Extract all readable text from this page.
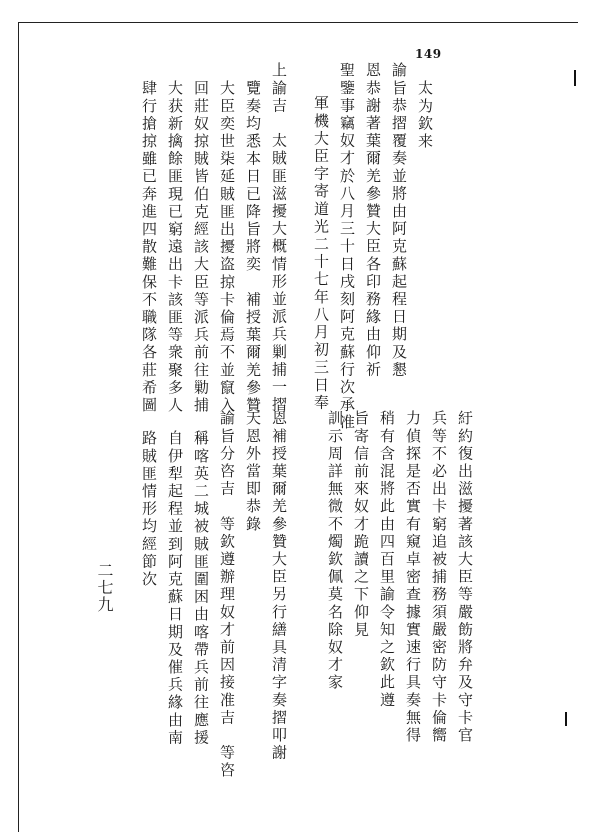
149
太为欽来
諭旨恭摺覆奏並將由阿克蘇起程日期及懇
恩恭謝著葉爾羌參贊大臣各印務緣由仰祈
聖鑒事竊奴才於八月三十日戌刻阿克蘇行次承准
軍機大臣字寄道光二十七年八月初三日奉
上諭吉　太賊匪滋擾大概情形並派兵剿捕一摺
覽奏均悉本日已降旨將奕　補授葉爾羌參贊
大臣奕世柒延賊匪出擾盗掠卡倫焉不並竄入
回莊奴掠賊皆伯克經該大臣等派兵前往勦捕
大获新擒餘匪現已窮遠出卡該匪等衆聚多人
肆行搶掠雖已奔進四散難保不職隊各莊希圖
紆約復出滋擾著該大臣等嚴飭將弁及守卡官
兵等不必出卡窮追被捕務須嚴密防守卡倫嚮
力偵探是否實有窺卓密查據實速行具奏無得
稍有含混將此由四百里諭令知之欽此遵
旨寄信前來奴才跪讀之下仰見
訓示周詳無微不燭欽佩莫名除奴才家
恩補授葉爾羌參贊大臣另行繕具清字奏摺叩謝
天恩外當即恭錄
諭旨分咨吉　等欽遵辦理奴才前因接准吉　等咨
稱喀英二城被賊匪圍困由喀帶兵前往應援
自伊犁起程並到阿克蘇日期及催兵緣由南
路賊匪情形均經節次
二七九
